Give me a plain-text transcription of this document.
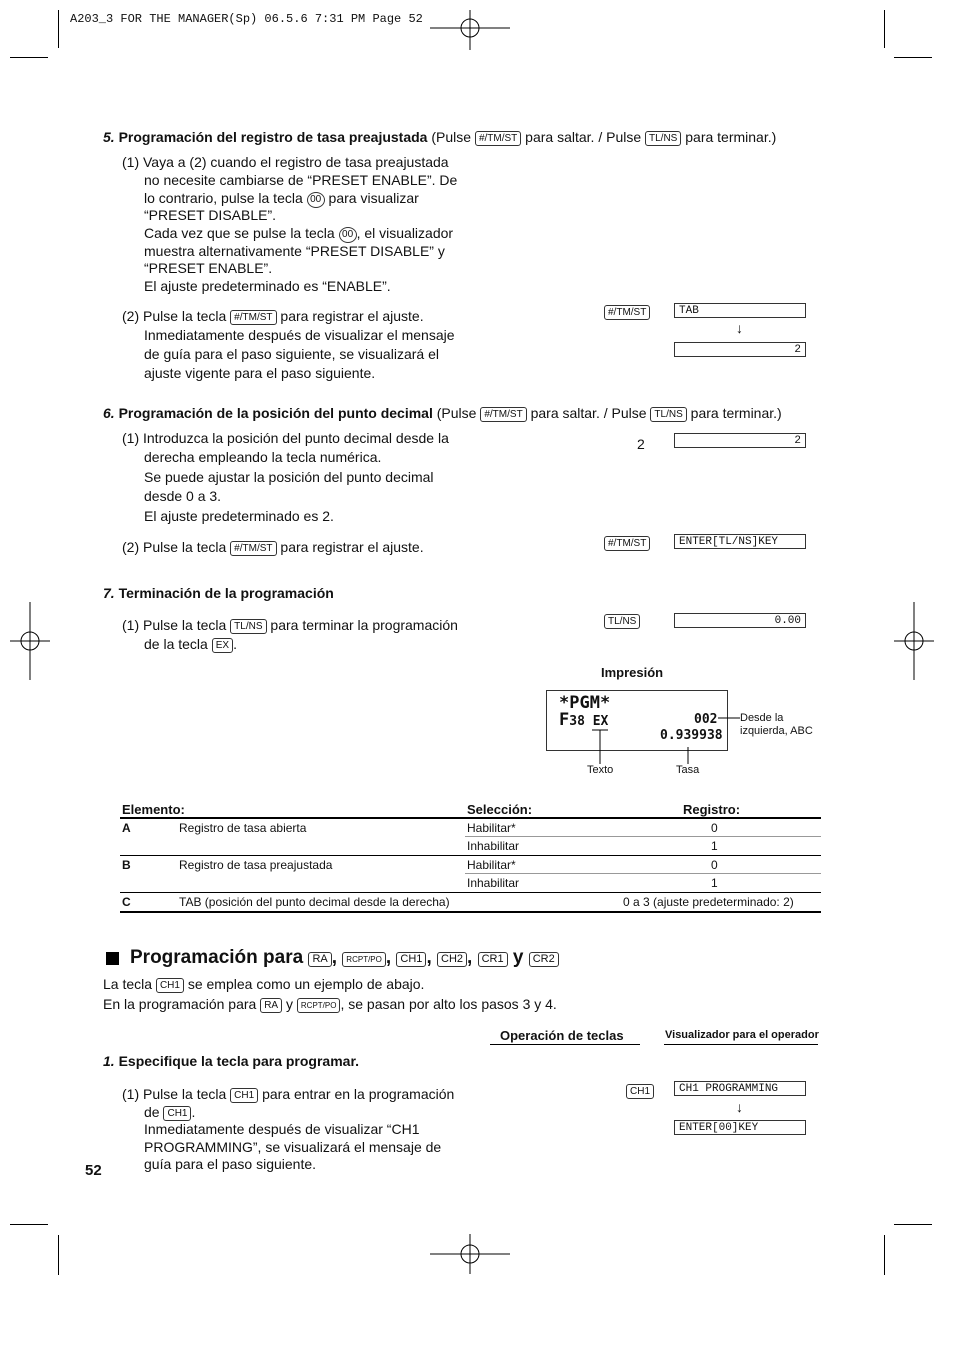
A203_3 FOR THE MANAGER(Sp) 06.5.6 7:31 PM Page 52
5. Programación del registro de tasa preajustada (Pulse #/TM/ST para saltar. / Pulse TL/NS para terminar.)
(1) Vaya a (2) cuando el registro de tasa preajustada
no necesite cambiarse de “PRESET ENABLE”. De
lo contrario, pulse la tecla 00 para visualizar
“PRESET DISABLE”.
Cada vez que se pulse la tecla 00 , el visualizador
muestra alternativamente “PRESET DISABLE” y
“PRESET ENABLE”.
El ajuste predeterminado es “ENABLE”.
(2) Pulse la tecla #/TM/ST para registrar el ajuste.
Inmediatamente después de visualizar el mensaje
de guía para el paso siguiente, se visualizará el
ajuste vigente para el paso siguiente.
#/TM/ST	TAB
↓
2
6. Programación de la posición del punto decimal (Pulse #/TM/ST para saltar. / Pulse TL/NS para terminar.)
(1) Introduzca la posición del punto decimal desde la
derecha empleando la tecla numérica.
Se puede ajustar la posición del punto decimal
desde 0 a 3.
El ajuste predeterminado es 2.
2	2
(2) Pulse la tecla #/TM/ST para registrar el ajuste.	#/TM/ST	ENTER[TL/NS]KEY
7. Terminación de la programación
(1) Pulse la tecla TL/NS para terminar la programación
de la tecla EX .
TL/NS	0.00
Impresión
*PGM*
F38 EX	002
0.939938
Desde la
izquierda, ABC
Texto	Tasa
Elemento:	Selección:	Registro:
A	Registro de tasa abierta	Habilitar*	0
Inhabilitar	1
B	Registro de tasa preajustada	Habilitar*	0
Inhabilitar	1
C	TAB (posición del punto decimal desde la derecha)	0 a 3 (ajuste predeterminado: 2)
Programación para RA , RCPT/PO , CH1 , CH2 , CR1 y CR2
La tecla CH1 se emplea como un ejemplo de abajo.
En la programación para RA y RCPT/PO , se pasan por alto los pasos 3 y 4.
Operación de teclas	Visualizador para el operador
1. Especifique la tecla para programar.
(1) Pulse la tecla CH1 para entrar en la programación
de CH1 .
Inmediatamente después de visualizar “CH1
PROGRAMMING”, se visualizará el mensaje de
guía para el paso siguiente.
CH1	CH1 PROGRAMMING
↓
ENTER[00]KEY
52
